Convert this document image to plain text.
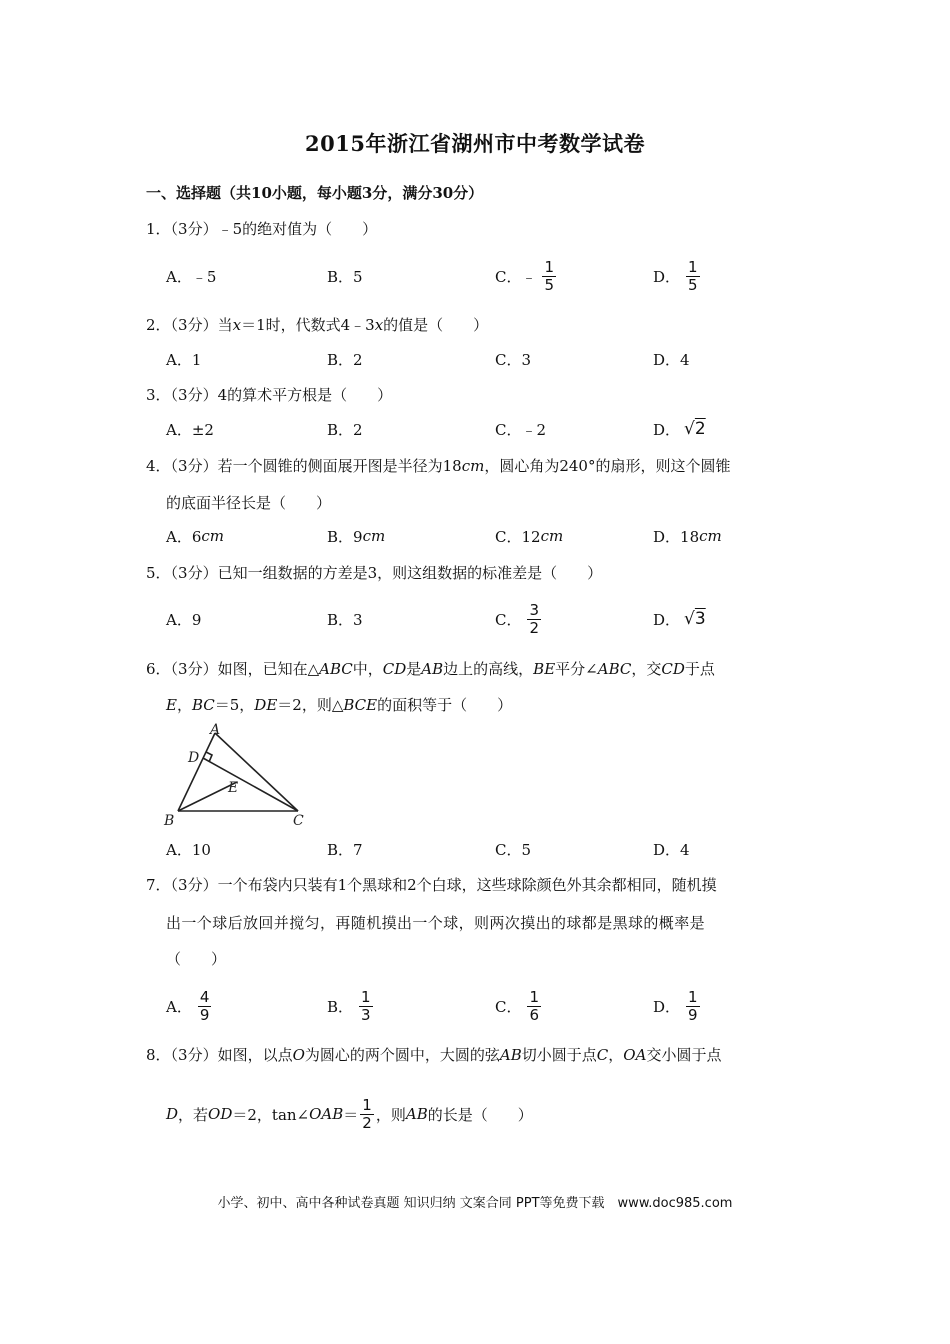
2015年浙江省湖州市中考数学试卷
一、选择题（共10小题，每小题3分，满分30分）
1．（3分）﹣5的绝对值为（　　）
A．﹣5	B．5	C．﹣ $\frac{1}{5}$	D． $\frac{1}{5}$
2．（3分）当x＝1时，代数式4﹣3x的值是（　　）
A．1	B．2	C．3	D．4
3．（3分）4的算术平方根是（　　）
A．±2	B．2	C．﹣2	D． √2
4．（3分）若一个圆锥的侧面展开图是半径为18cm，圆心角为240°的扇形，则这个圆锥
的底面半径长是（　　）
A．6 cm	B．9 cm	C．12 cm	D．18 cm
5．（3分）已知一组数据的方差是3，则这组数据的标准差是（　　）
A．9	B．3	C． $\frac{3}{2}$	D． √3
6．（3分）如图，已知在△ABC中，CD是AB边上的高线，BE平分∠ABC，交CD于点
E，BC＝5，DE＝2，则△BCE的面积等于（　　）
A
D
E
B	C
A．10	B．7	C．5	D．4
7．（3分）一个布袋内只装有1个黑球和2个白球，这些球除颜色外其余都相同，随机摸
出一个球后放回并搅匀，再随机摸出一个球，则两次摸出的球都是黑球的概率是
（　　）
A． $\frac{4}{9}$	B． $\frac{1}{3}$	C． $\frac{1}{6}$	D． $\frac{1}{9}$
8．（3分）如图，以点O为圆心的两个圆中，大圆的弦AB切小圆于点C，OA交小圆于点
D ，若 OD ＝2，tan∠ OAB ＝ $\frac{1}{2}$ ，则 AB 的长是（　　）
小学、初中、高中各种试卷真题 知识归纳 文案合同 PPT等免费下载　www.doc985.com
